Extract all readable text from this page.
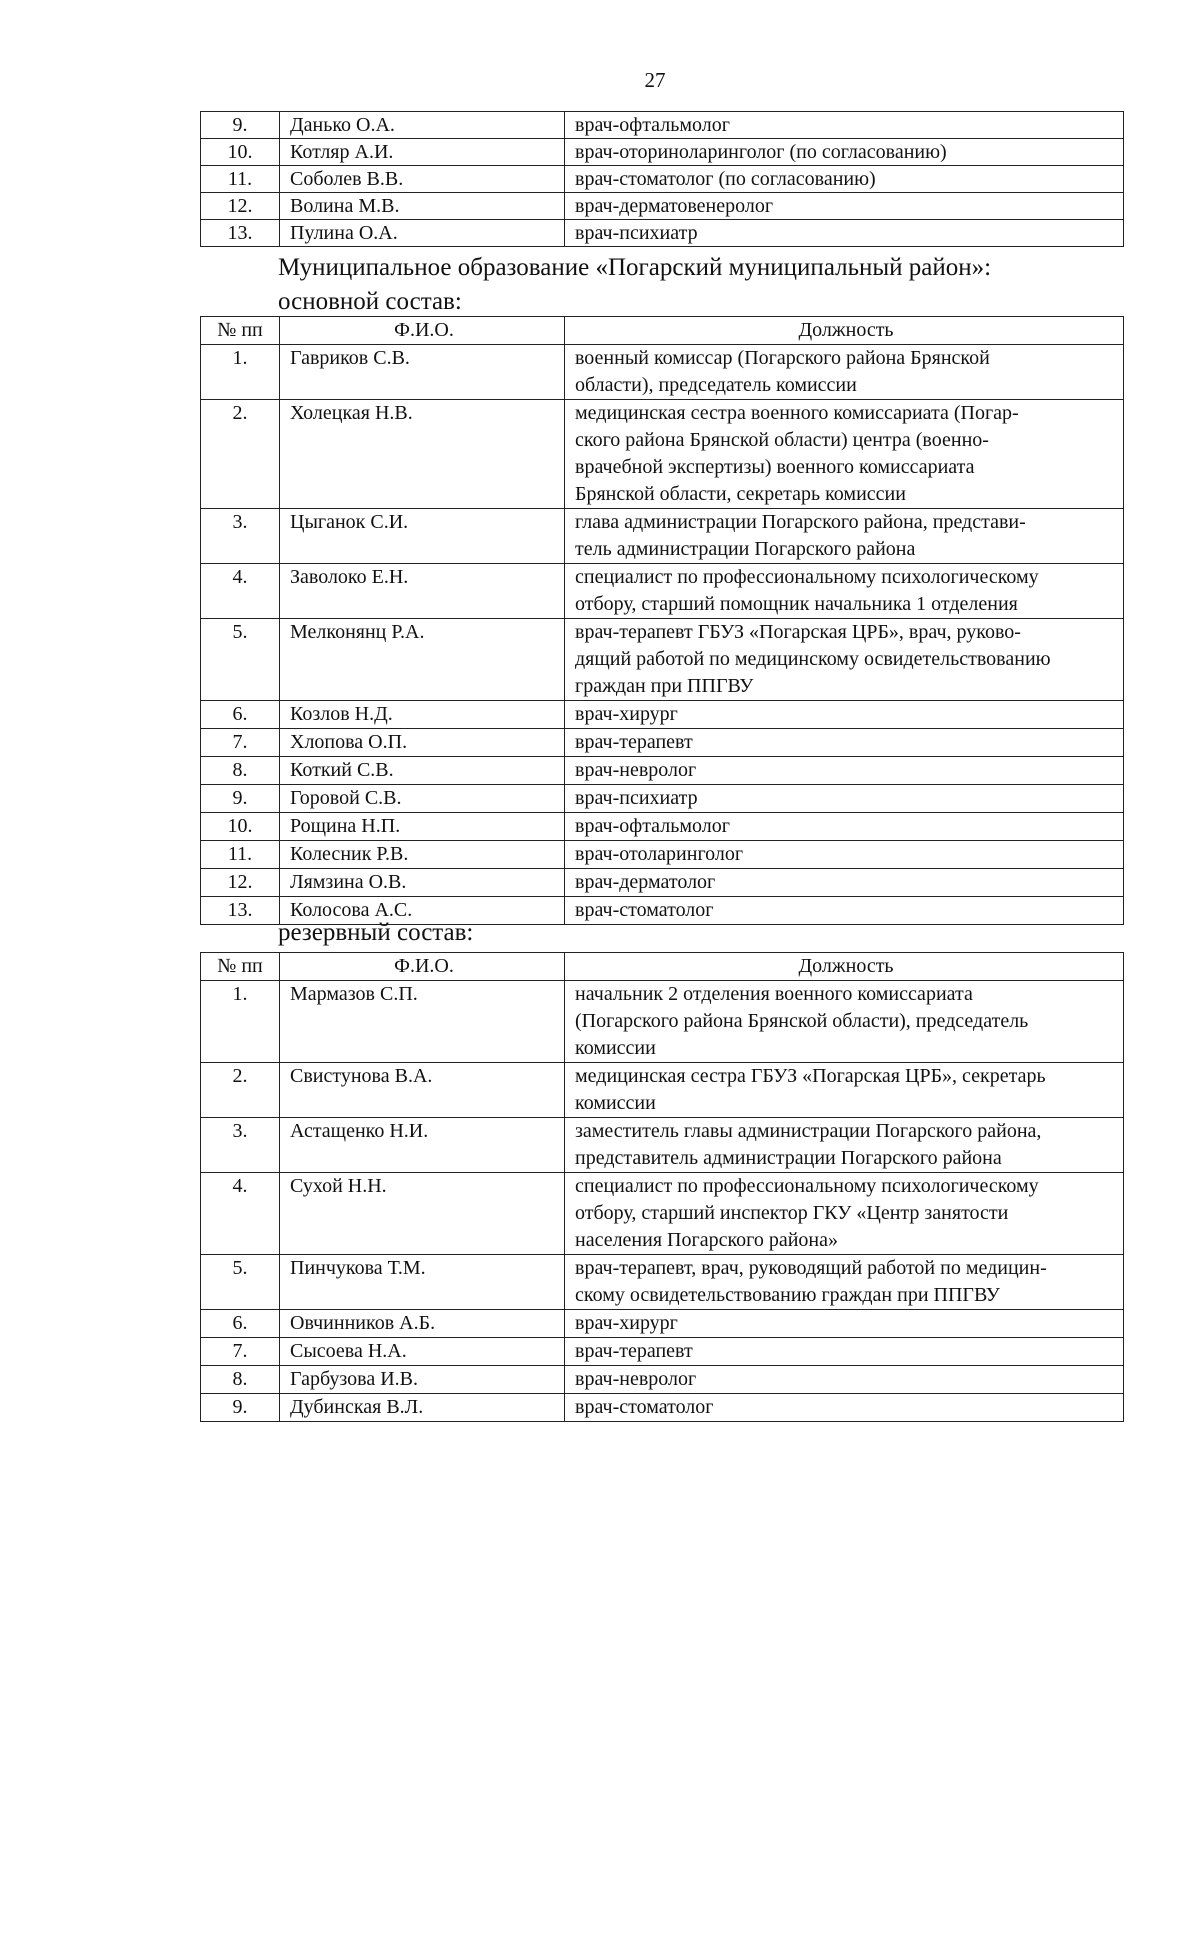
27
9.	Данько О.А.	врач-офтальмолог
10.	Котляр А.И.	врач-оториноларинголог (по согласованию)
11.	Соболев В.В.	врач-стоматолог (по согласованию)
12.	Волина М.В.	врач-дерматовенеролог
13.	Пулина О.А.	врач-психиатр
Муниципальное образование «Погарский муниципальный район»:
основной состав:
№ пп	Ф.И.О.	Должность
1.	Гавриков С.В.	военный комиссар (Погарского района Брянской
области), председатель комиссии

2.	Холецкая Н.В.	медицинская сестра военного комиссариата (Погар-
ского района Брянской области) центра (военно-
врачебной экспертизы) военного комиссариата
Брянской области, секретарь комиссии

3.	Цыганок С.И.	глава администрации Погарского района, представи-
тель администрации Погарского района

4.	Заволоко Е.Н.	специалист по профессиональному психологическому
отбору, старший помощник начальника 1 отделения

5.	Мелконянц Р.А.	врач-терапевт ГБУЗ «Погарская ЦРБ», врач, руково-
дящий работой по медицинскому освидетельствованию
граждан при ППГВУ

6.	Козлов Н.Д.	врач-хирург

7.	Хлопова О.П.	врач-терапевт

8.	Коткий С.В.	врач-невролог

9.	Горовой С.В.	врач-психиатр

10.	Рощина Н.П.	врач-офтальмолог

11.	Колесник Р.В.	врач-отоларинголог

12.	Лямзина О.В.	врач-дерматолог

13.	Колосова А.С.	врач-стоматолог
резервный состав:
№ пп	Ф.И.О.	Должность
1.	Мармазов С.П.	начальник 2 отделения военного комиссариата
(Погарского района Брянской области), председатель
комиссии

2.	Свистунова В.А.	медицинская сестра ГБУЗ «Погарская ЦРБ», секретарь
комиссии

3.	Астащенко Н.И.	заместитель главы администрации Погарского района,
представитель администрации Погарского района

4.	Сухой Н.Н.	специалист по профессиональному психологическому
отбору, старший инспектор ГКУ «Центр занятости
населения Погарского района»

5.	Пинчукова Т.М.	врач-терапевт, врач, руководящий работой по медицин-
скому освидетельствованию граждан при ППГВУ

6.	Овчинников А.Б.	врач-хирург

7.	Сысоева Н.А.	врач-терапевт

8.	Гарбузова И.В.	врач-невролог

9.	Дубинская В.Л.	врач-стоматолог
